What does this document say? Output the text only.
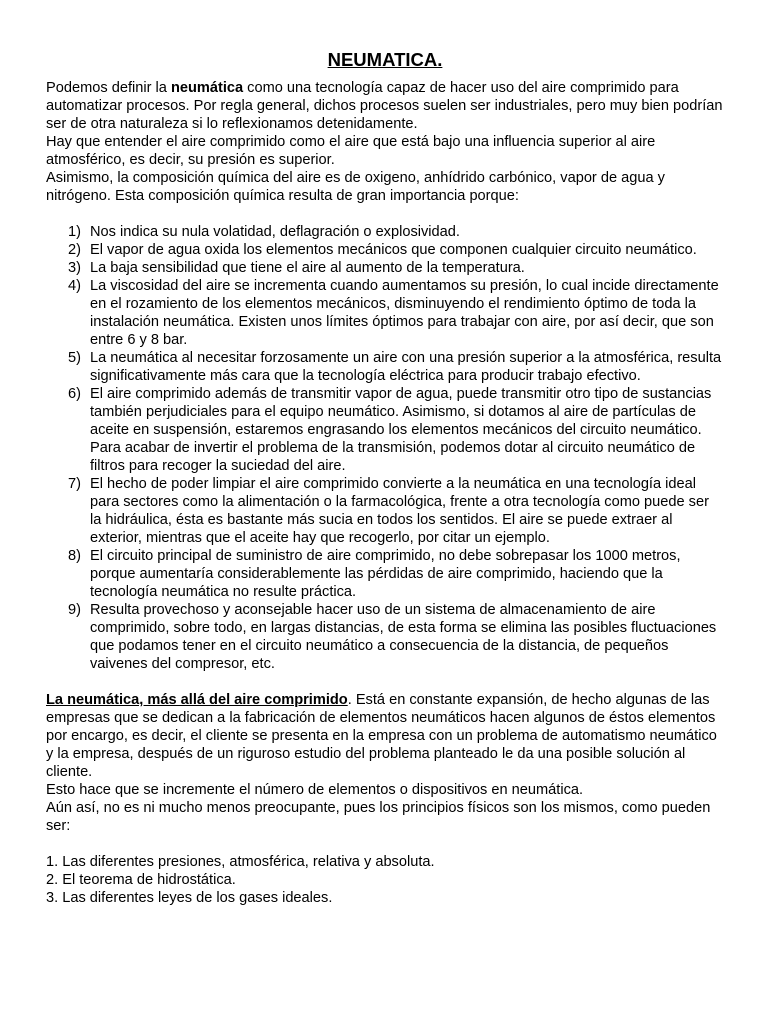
NEUMATICA.

Podemos definir la neumática como una tecnología capaz de hacer uso del aire comprimido para automatizar procesos. Por regla general, dichos procesos suelen ser industriales, pero muy bien podrían ser de otra naturaleza si lo reflexionamos detenidamente.

Hay que entender el aire comprimido como el aire que está bajo una influencia superior al aire atmosférico, es decir, su presión es superior.

Asimismo, la composición química del aire es de oxigeno, anhídrido carbónico, vapor de agua y nitrógeno. Esta composición química resulta de gran importancia porque:

1) Nos indica su nula volatidad, deflagración o explosividad.
2) El vapor de agua oxida los elementos mecánicos que componen cualquier circuito neumático.
3) La baja sensibilidad que tiene el aire al aumento de la temperatura.
4) La viscosidad del aire se incrementa cuando aumentamos su presión, lo cual incide directamente en el rozamiento de los elementos mecánicos, disminuyendo el rendimiento óptimo de toda la instalación neumática. Existen unos límites óptimos para trabajar con aire, por así decir, que son entre 6 y 8 bar.
5) La neumática al necesitar forzosamente un aire con una presión superior a la atmosférica, resulta significativamente más cara que la tecnología eléctrica para producir trabajo efectivo.
6) El aire comprimido además de transmitir vapor de agua, puede transmitir otro tipo de sustancias también perjudiciales para el equipo neumático. Asimismo, si dotamos al aire de partículas de aceite en suspensión, estaremos engrasando los elementos mecánicos del circuito neumático. Para acabar de invertir el problema de la transmisión, podemos dotar al circuito neumático de filtros para recoger la suciedad del aire.
7) El hecho de poder limpiar el aire comprimido convierte a la neumática en una tecnología ideal para sectores como la alimentación o la farmacológica, frente a otra tecnología como puede ser la hidráulica, ésta es bastante más sucia en todos los sentidos. El aire se puede extraer al exterior, mientras que el aceite hay que recogerlo, por citar un ejemplo.
8) El circuito principal de suministro de aire comprimido, no debe sobrepasar los 1000 metros, porque aumentaría considerablemente las pérdidas de aire comprimido, haciendo que la tecnología neumática no resulte práctica.
9) Resulta provechoso y aconsejable hacer uso de un sistema de almacenamiento de aire comprimido, sobre todo, en largas distancias, de esta forma se elimina las posibles fluctuaciones que podamos tener en el circuito neumático a consecuencia de la distancia, de pequeños vaivenes del compresor, etc.

La neumática, más allá del aire comprimido. Está en constante expansión, de hecho algunas de las empresas que se dedican a la fabricación de elementos neumáticos hacen algunos de éstos elementos por encargo, es decir, el cliente se presenta en la empresa con un problema de automatismo neumático y la empresa, después de un riguroso estudio del problema planteado le da una posible solución al cliente.

Esto hace que se incremente el número de elementos o dispositivos en neumática.

Aún así, no es ni mucho menos preocupante, pues los principios físicos son los mismos, como pueden ser:

1. Las diferentes presiones, atmosférica, relativa y absoluta.

2. El teorema de hidrostática.

3. Las diferentes leyes de los gases ideales.
